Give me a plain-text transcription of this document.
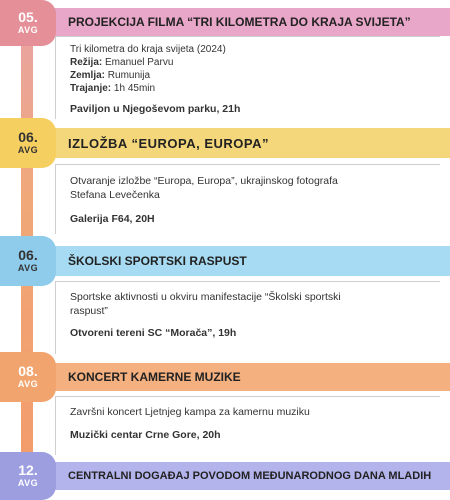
PROJEKCIJA FILMA “TRI KILOMETRA DO KRAJA SVIJETA”
05.
AVG
Tri kilometra do kraja svijeta (2024)
Režija: Emanuel Parvu
Zemlja: Rumunija
Trajanje: 1h 45min
Paviljon u Njegoševom parku, 21h
IZLOŽBA “EUROPA, EUROPA”
06.
AVG
Otvaranje izložbe “Europa, Europa”, ukrajinskog fotografa Stefana Levečenka
Galerija F64, 20H
ŠKOLSKI SPORTSKI RASPUST
06.
AVG
Sportske aktivnosti u okviru manifestacije “Školski sportski raspust”
Otvoreni tereni SC “Morača”, 19h
KONCERT KAMERNE MUZIKE
08.
AVG
Završni koncert Ljetnjeg kampa za kamernu muziku
Muzički centar Crne Gore, 20h
CENTRALNI DOGAĐAJ POVODOM MEĐUNARODNOG DANA MLADIH
12.
AVG
